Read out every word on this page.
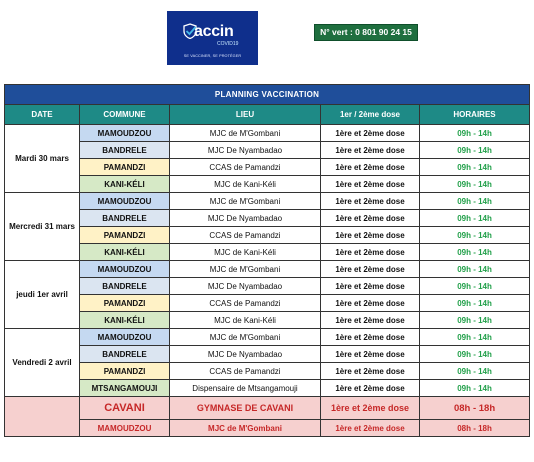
accin
COVID19
SE VACCINER, SE PROTÉGER
N° vert : 0 801 90 24 15
PLANNING VACCINATION				
DATE	COMMUNE	LIEU	1er / 2ème dose	HORAIRES
Mardi 30 mars	MAMOUDZOU	MJC de M'Gombani	1ère et 2ème dose	09h - 14h
	BANDRELE	MJC De Nyambadao	1ère et 2ème dose	09h - 14h
	PAMANDZI	CCAS de Pamandzi	1ère et 2ème dose	09h - 14h
	KANI-KÉLI	MJC de Kani-Kéli	1ère et 2ème dose	09h - 14h
Mercredi 31 mars	MAMOUDZOU	MJC de M'Gombani	1ère et 2ème dose	09h - 14h
	BANDRELE	MJC De Nyambadao	1ère et 2ème dose	09h - 14h
	PAMANDZI	CCAS de Pamandzi	1ère et 2ème dose	09h - 14h
	KANI-KÉLI	MJC de Kani-Kéli	1ère et 2ème dose	09h - 14h
jeudi 1er avril	MAMOUDZOU	MJC de M'Gombani	1ère et 2ème dose	09h - 14h
	BANDRELE	MJC De Nyambadao	1ère et 2ème dose	09h - 14h
	PAMANDZI	CCAS de Pamandzi	1ère et 2ème dose	09h - 14h
	KANI-KÉLI	MJC de Kani-Kéli	1ère et 2ème dose	09h - 14h
Vendredi 2 avril	MAMOUDZOU	MJC de M'Gombani	1ère et 2ème dose	09h - 14h
	BANDRELE	MJC De Nyambadao	1ère et 2ème dose	09h - 14h
	PAMANDZI	CCAS de Pamandzi	1ère et 2ème dose	09h - 14h
	MTSANGAMOUJI	Dispensaire de Mtsangamouji	1ère et 2ème dose	09h - 14h
	CAVANI	GYMNASE DE CAVANI	1ère et 2ème dose	08h - 18h
	MAMOUDZOU	MJC de M'Gombani	1ère et 2ème dose	08h - 18h
